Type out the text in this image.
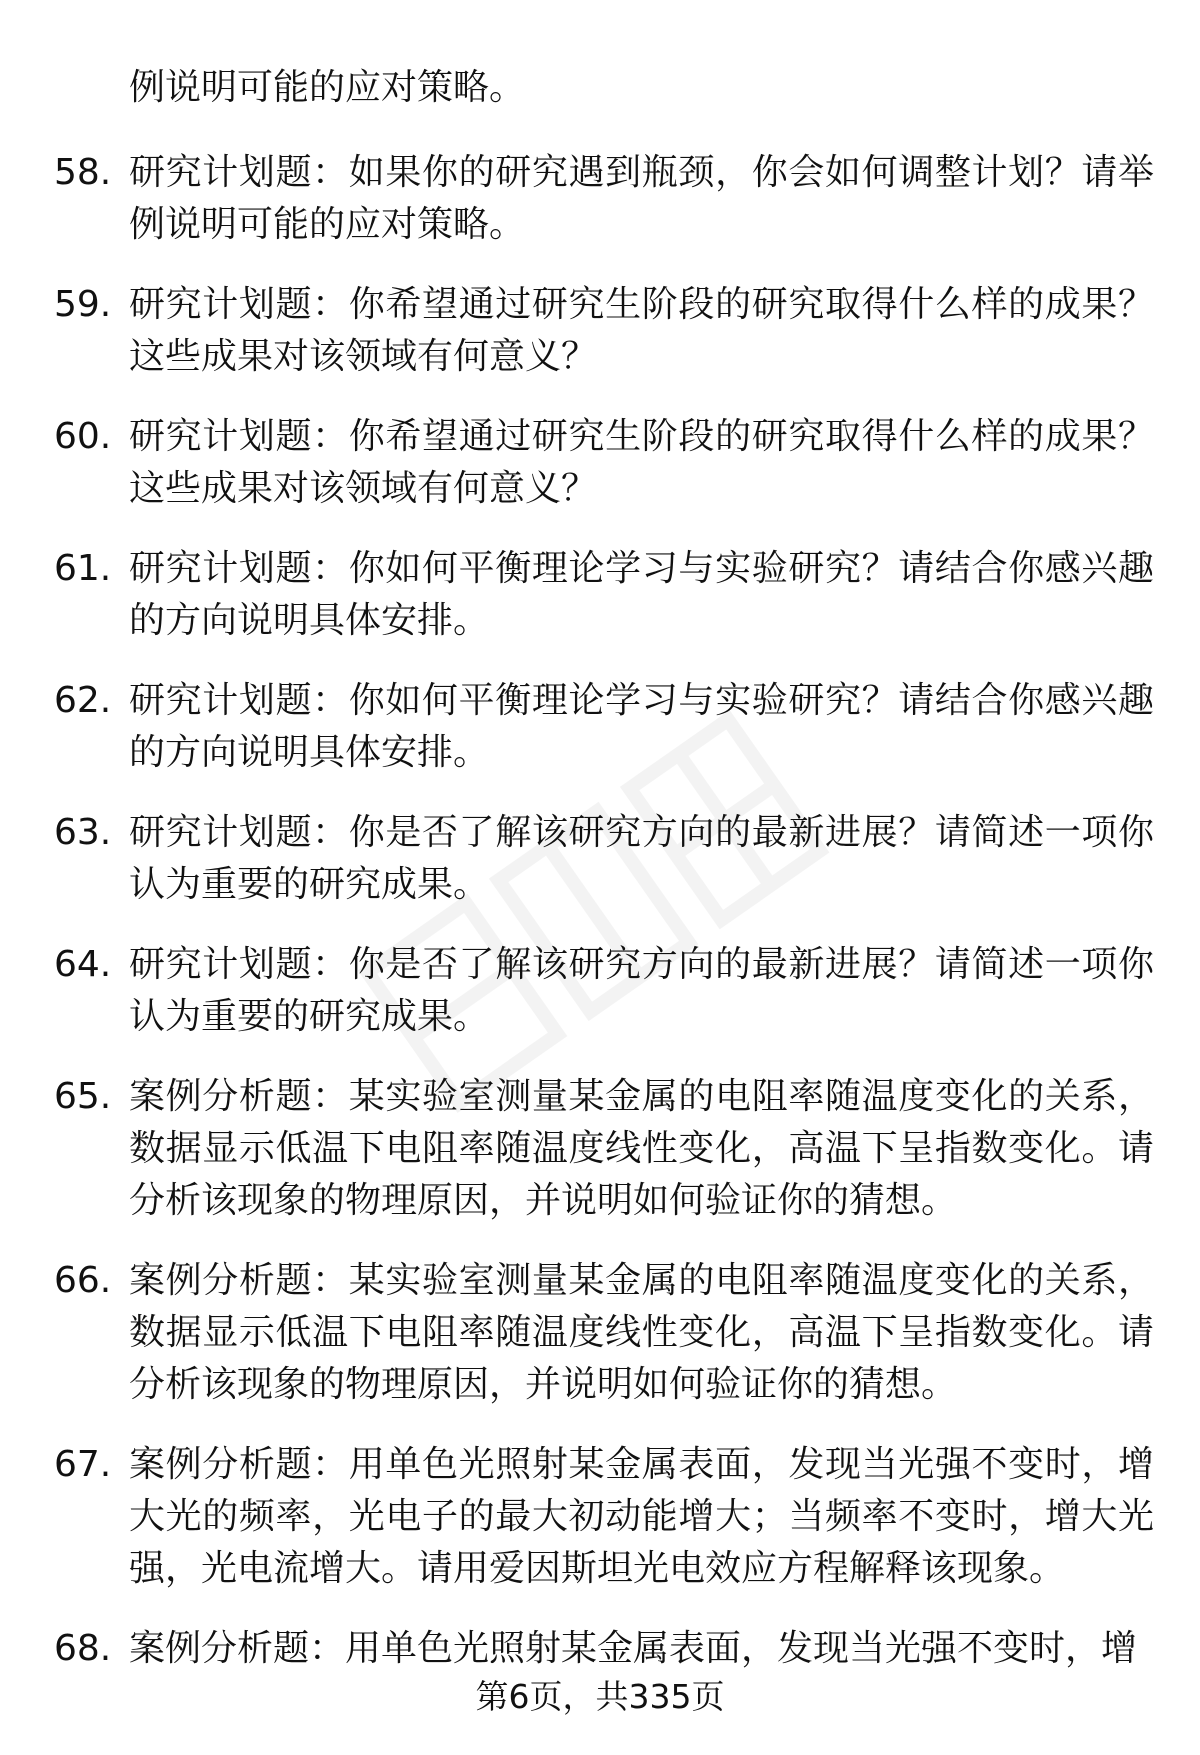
例说明可能的应对策略。
58. 研究计划题：如果你的研究遇到瓶颈，你会如何调整计划？请举例说明可能的应对策略。
59. 研究计划题：你希望通过研究生阶段的研究取得什么样的成果？这些成果对该领域有何意义？
60. 研究计划题：你希望通过研究生阶段的研究取得什么样的成果？这些成果对该领域有何意义？
61. 研究计划题：你如何平衡理论学习与实验研究？请结合你感兴趣的方向说明具体安排。
62. 研究计划题：你如何平衡理论学习与实验研究？请结合你感兴趣的方向说明具体安排。
63. 研究计划题：你是否了解该研究方向的最新进展？请简述一项你认为重要的研究成果。
64. 研究计划题：你是否了解该研究方向的最新进展？请简述一项你认为重要的研究成果。
65. 案例分析题：某实验室测量某金属的电阻率随温度变化的关系，数据显示低温下电阻率随温度线性变化，高温下呈指数变化。请分析该现象的物理原因，并说明如何验证你的猜想。
66. 案例分析题：某实验室测量某金属的电阻率随温度变化的关系，数据显示低温下电阻率随温度线性变化，高温下呈指数变化。请分析该现象的物理原因，并说明如何验证你的猜想。
67. 案例分析题：用单色光照射某金属表面，发现当光强不变时，增大光的频率，光电子的最大初动能增大；当频率不变时，增大光强，光电流增大。请用爱因斯坦光电效应方程解释该现象。
68. 案例分析题：用单色光照射某金属表面，发现当光强不变时，增
第6页，共335页
